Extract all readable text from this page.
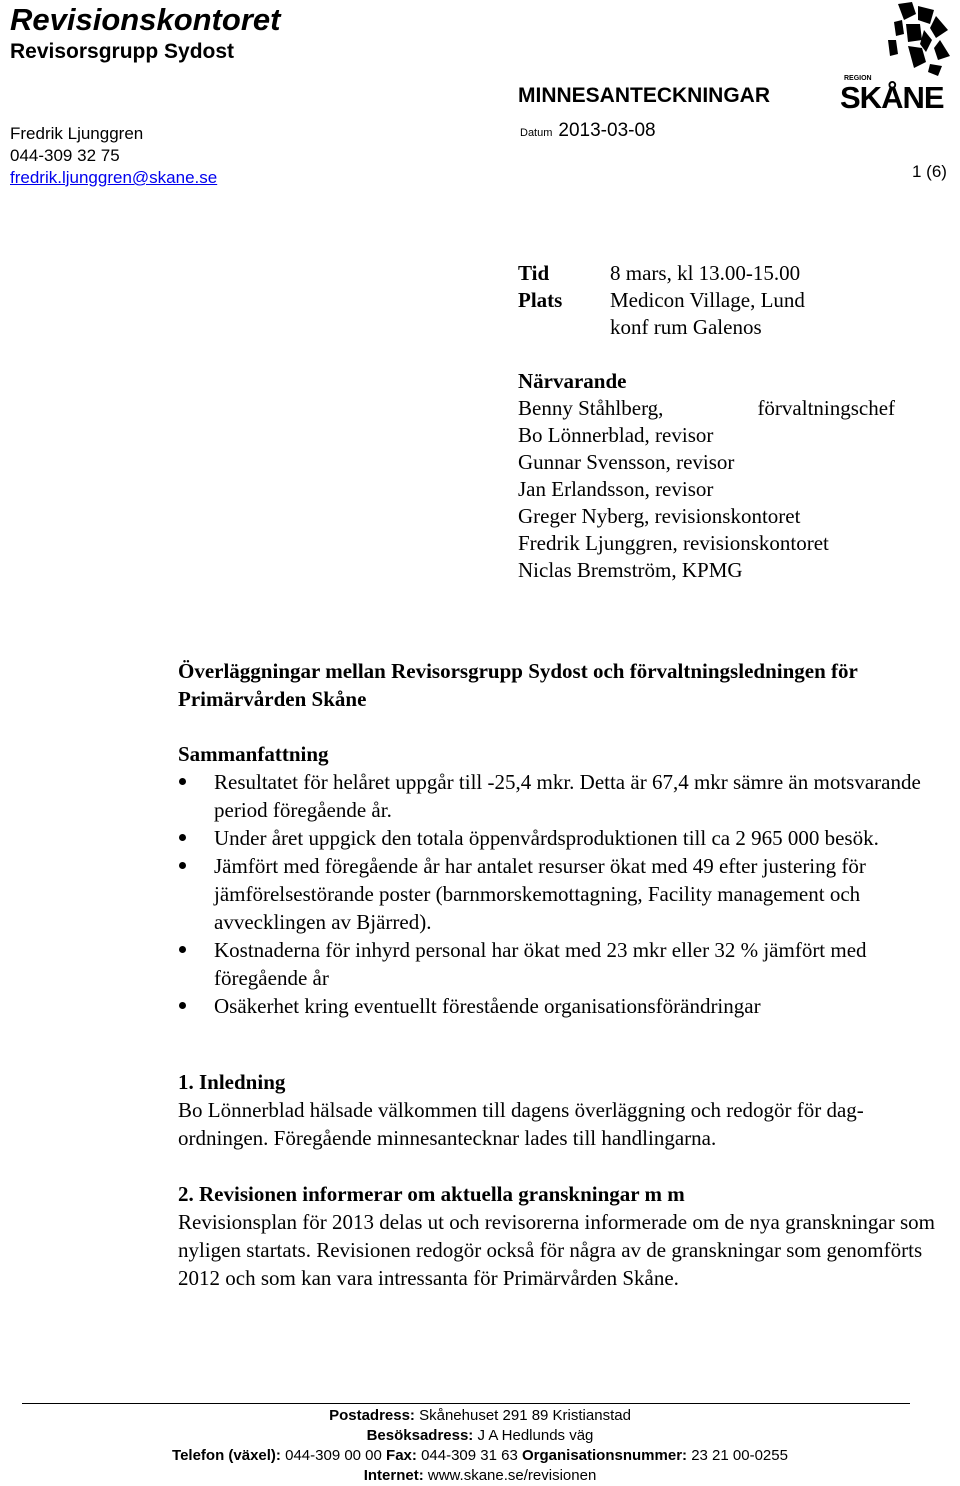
Revisionskontoret
Revisorsgrupp Sydost
MINNESANTECKNINGAR
Fredrik Ljunggren
044-309 32 75
fredrik.ljunggren@skane.se
Datum 2013-03-08
1 (6)
REGION
SKÅNE
Tid	8 mars, kl 13.00-15.00
Plats	Medicon Village, Lund
konf rum Galenos
Närvarande
Benny Ståhlberg,	förvaltningschef
Bo Lönnerblad, revisor
Gunnar Svensson, revisor
Jan Erlandsson, revisor
Greger Nyberg, revisionskontoret
Fredrik Ljunggren, revisionskontoret
Niclas Bremström, KPMG
Överläggningar mellan Revisorsgrupp Sydost och förvaltningsledningen för Primärvården Skåne
Sammanfattning
Resultatet för helåret uppgår till -25,4 mkr. Detta är 67,4 mkr sämre än motsvarande period föregående år.
Under året uppgick den totala öppenvårdsproduktionen till ca 2 965 000 besök.
Jämfört med föregående år har antalet resurser ökat med 49 efter justering för jämförelsestörande poster (barnmorskemottagning, Facility management och avvecklingen av Bjärred).
Kostnaderna för inhyrd personal har ökat med 23 mkr eller 32 % jämfört med föregående år
Osäkerhet kring eventuellt förestående organisationsförändringar
1. Inledning
Bo Lönnerblad hälsade välkommen till dagens överläggning och redogör för dag-ordningen. Föregående minnesantecknar lades till handlingarna.
2. Revisionen informerar om aktuella granskningar m m
Revisionsplan för 2013 delas ut och revisorerna informerade om de nya granskningar som nyligen startats. Revisionen redogör också för några av de granskningar som genomförts 2012 och som kan vara intressanta för Primärvården Skåne.
Postadress: Skånehuset 291 89 Kristianstad
Besöksadress: J A Hedlunds väg
Telefon (växel): 044-309 00 00 Fax: 044-309 31 63 Organisationsnummer: 23 21 00-0255
Internet: www.skane.se/revisionen
